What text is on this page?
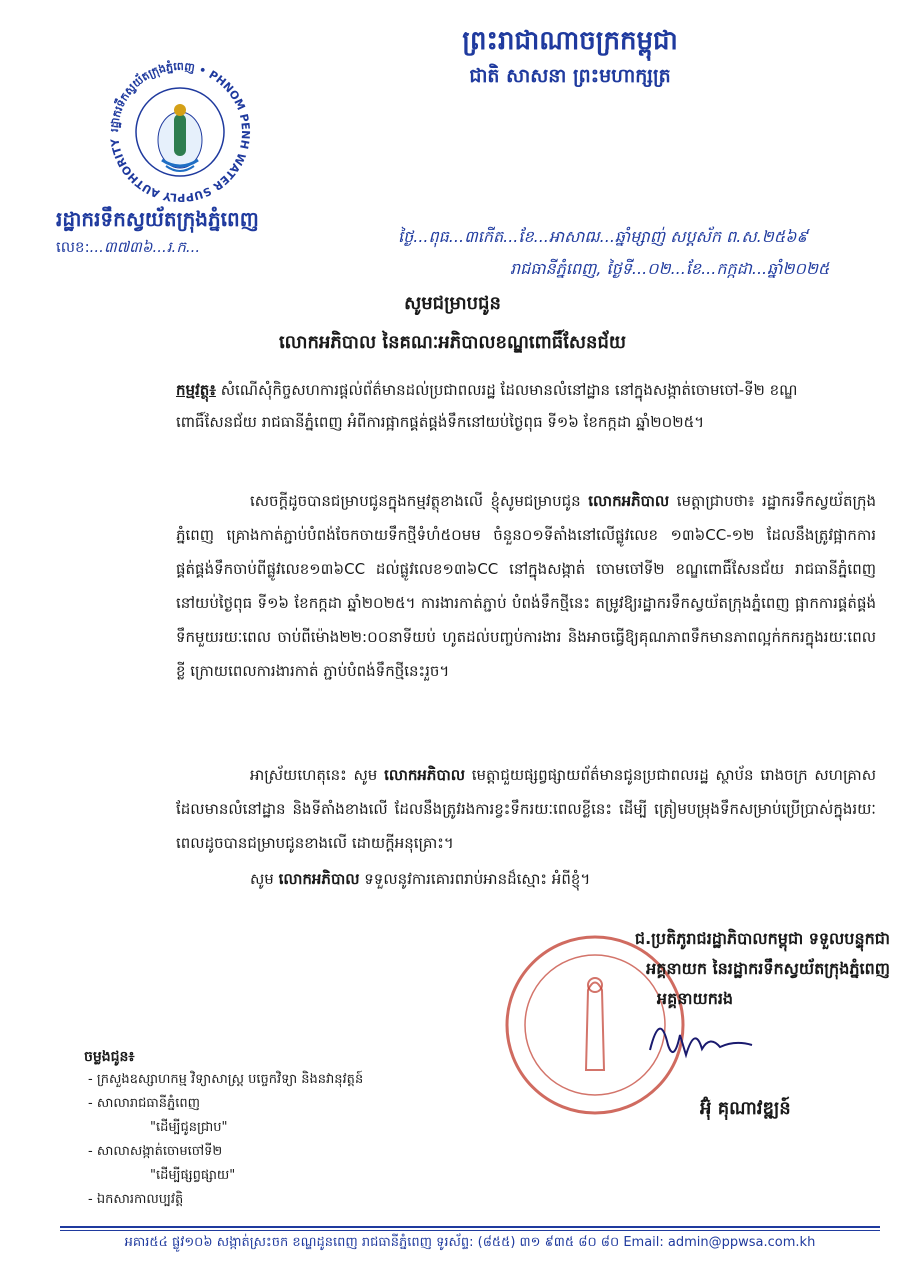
ព្រះរាជាណាចក្រកម្ពុជា
ជាតិ សាសនា ព្រះមហាក្សត្រ
រដ្ឋាករទឹកស្វយ័តក្រុងភ្នំពេញ • PHNOM PENH WATER SUPPLY AUTHORITY
រដ្ឋាករទឹកស្វយ័តក្រុងភ្នំពេញ
លេខ:...៣៧៣៦...រ.ក...
ថ្ងៃ...ពុធ...៣កើត...ខែ...អាសាឍ...ឆ្នាំម្សាញ់ សប្តស័ក ព.ស.២៥៦៩
រាជធានីភ្នំពេញ, ថ្ងៃទី...០២...ខែ...កក្កដា...ឆ្នាំ២០២៥
សូមជម្រាបជូន
លោកអភិបាល នៃគណៈអភិបាលខណ្ឌពោធិ៍សែនជ័យ
កម្មវត្ថុ៖ សំណើសុំកិច្ចសហការផ្តល់ព័ត៌មានដល់ប្រជាពលរដ្ឋ ដែលមានលំនៅដ្ឋាន នៅក្នុងសង្កាត់ចោមចៅ-ទី២ ខណ្ឌពោធិ៍សែនជ័យ រាជធានីភ្នំពេញ អំពីការផ្អាកផ្គត់ផ្គង់ទឹកនៅយប់ថ្ងៃពុធ ទី១៦ ខែកក្កដា ឆ្នាំ២០២៥។
សេចក្តីដូចបានជម្រាបជូនក្នុងកម្មវត្ថុខាងលើ ខ្ញុំសូមជម្រាបជូន លោកអភិបាល មេត្តាជ្រាបថា៖ រដ្ឋាករទឹកស្វយ័តក្រុងភ្នំពេញ គ្រោងកាត់ភ្ជាប់បំពង់ចែកចាយទឹកថ្មីទំហំ៥០មម ចំនួន០១ទីតាំងនៅលើផ្លូវលេខ ១៣៦CC-១២ ដែលនឹងត្រូវផ្អាកការផ្គត់ផ្គង់ទឹកចាប់ពីផ្លូវលេខ១៣៦CC ដល់ផ្លូវលេខ១៣៦CC នៅក្នុងសង្កាត់ ចោមចៅទី២ ខណ្ឌពោធិ៍សែនជ័យ រាជធានីភ្នំពេញ នៅយប់ថ្ងៃពុធ ទី១៦ ខែកក្កដា ឆ្នាំ២០២៥។ ការងារកាត់ភ្ជាប់ បំពង់ទឹកថ្មីនេះ តម្រូវឱ្យរដ្ឋាករទឹកស្វយ័តក្រុងភ្នំពេញ ផ្អាកការផ្គត់ផ្គង់ទឹកមួយរយៈពេល ចាប់ពីម៉ោង២២:០០នាទីយប់ ហូតដល់បញ្ចប់ការងារ និងអាចធ្វើឱ្យគុណភាពទឹកមានភាពល្អក់កករក្នុងរយៈពេលខ្លី ក្រោយពេលការងារកាត់ ភ្ជាប់បំពង់ទឹកថ្មីនេះរួច។
អាស្រ័យហេតុនេះ សូម លោកអភិបាល មេត្តាជួយផ្សព្វផ្សាយព័ត៌មានជូនប្រជាពលរដ្ឋ ស្ថាប័ន រោងចក្រ សហគ្រាស ដែលមានលំនៅដ្ឋាន និងទីតាំងខាងលើ ដែលនឹងត្រូវរងការខ្វះទឹករយៈពេលខ្លីនេះ ដើម្បី ត្រៀមបម្រុងទឹកសម្រាប់ប្រើប្រាស់ក្នុងរយៈពេលដូចបានជម្រាបជូនខាងលើ ដោយក្តីអនុគ្រោះ។
សូម លោកអភិបាល ទទួលនូវការគោរពរាប់អានដ៏ស្មោះ អំពីខ្ញុំ។
ជ.ប្រតិភូរាជរដ្ឋាភិបាលកម្ពុជា ទទួលបន្ទុកជា
អគ្គនាយក នៃរដ្ឋាករទឹកស្វយ័តក្រុងភ្នំពេញ
អគ្គនាយករង
អ៊ុំ គុណាវឌ្ឍន៍
ចម្លងជូន៖
- ក្រសួងឧស្សាហកម្ម វិទ្យាសាស្ត្រ បច្ចេកវិទ្យា និងនវានុវត្តន៍
- សាលារាជធានីភ្នំពេញ
"ដើម្បីជូនជ្រាប"
- សាលាសង្កាត់ចោមចៅទី២
"ដើម្បីផ្សព្វផ្សាយ"
- ឯកសារកាលប្បវត្តិ
អគារ៥៤ ផ្លូវ១០៦ សង្កាត់ស្រះចក ខណ្ឌដូនពេញ រាជធានីភ្នំពេញ ទូរស័ព្ទ: (៨៥៥) ៣១ ៩៣៥ ៨០ ៨០ Email: admin@ppwsa.com.kh
